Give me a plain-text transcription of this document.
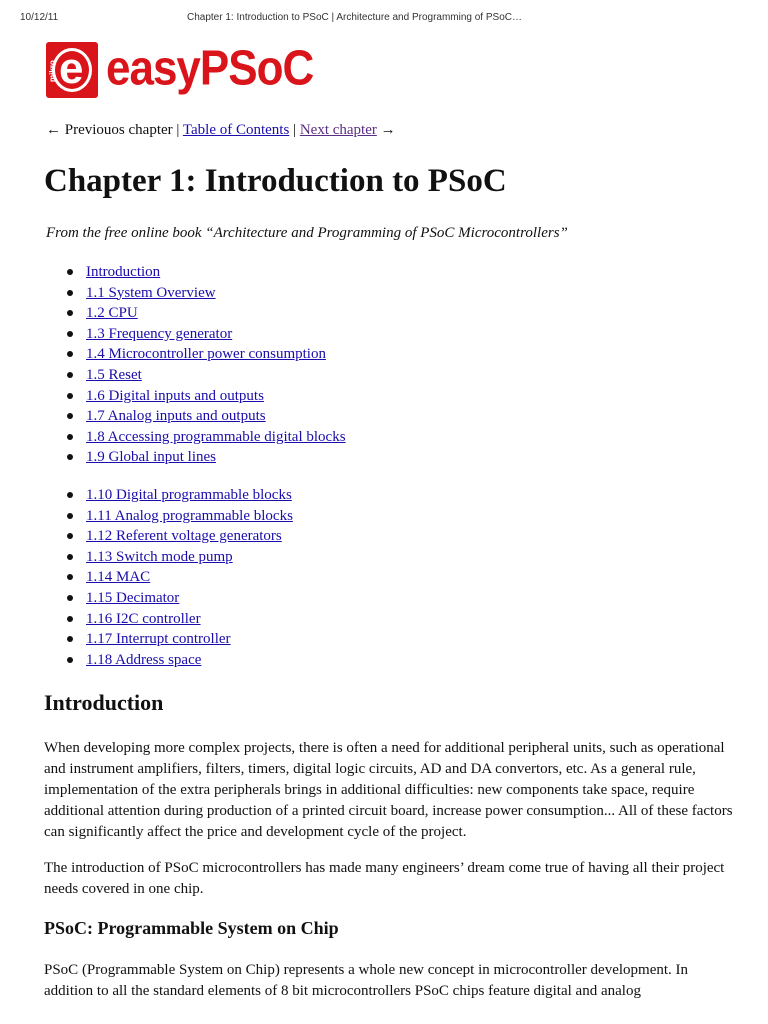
10/12/11	Chapter 1: Introduction to PSoC | Architecture and Programming of PSoC…
e
mikro easyPSoC
← Previouos chapter | Table of Contents | Next chapter →
Chapter 1: Introduction to PSoC
From the free online book “Architecture and Programming of PSoC Microcontrollers”
Introduction
1.1 System Overview
1.2 CPU
1.3 Frequency generator
1.4 Microcontroller power consumption
1.5 Reset
1.6 Digital inputs and outputs
1.7 Analog inputs and outputs
1.8 Accessing programmable digital blocks
1.9 Global input lines
1.10 Digital programmable blocks
1.11 Analog programmable blocks
1.12 Referent voltage generators
1.13 Switch mode pump
1.14 MAC
1.15 Decimator
1.16 I2C controller
1.17 Interrupt controller
1.18 Address space
Introduction

When developing more complex projects, there is often a need for additional peripheral units, such as operational and instrument amplifiers, filters, timers, digital logic circuits, AD and DA convertors, etc. As a general rule, implementation of the extra peripherals brings in additional difficulties: new components take space, require additional attention during production of a printed circuit board, increase power consumption... All of these factors can significantly affect the price and development cycle of the project.

The introduction of PSoC microcontrollers has made many engineers’ dream come true of having all their project needs covered in one chip.

PSoC: Programmable System on Chip

PSoC (Programmable System on Chip) represents a whole new concept in microcontroller development. In addition to all the standard elements of 8 bit microcontrollers PSoC chips feature digital and analog
